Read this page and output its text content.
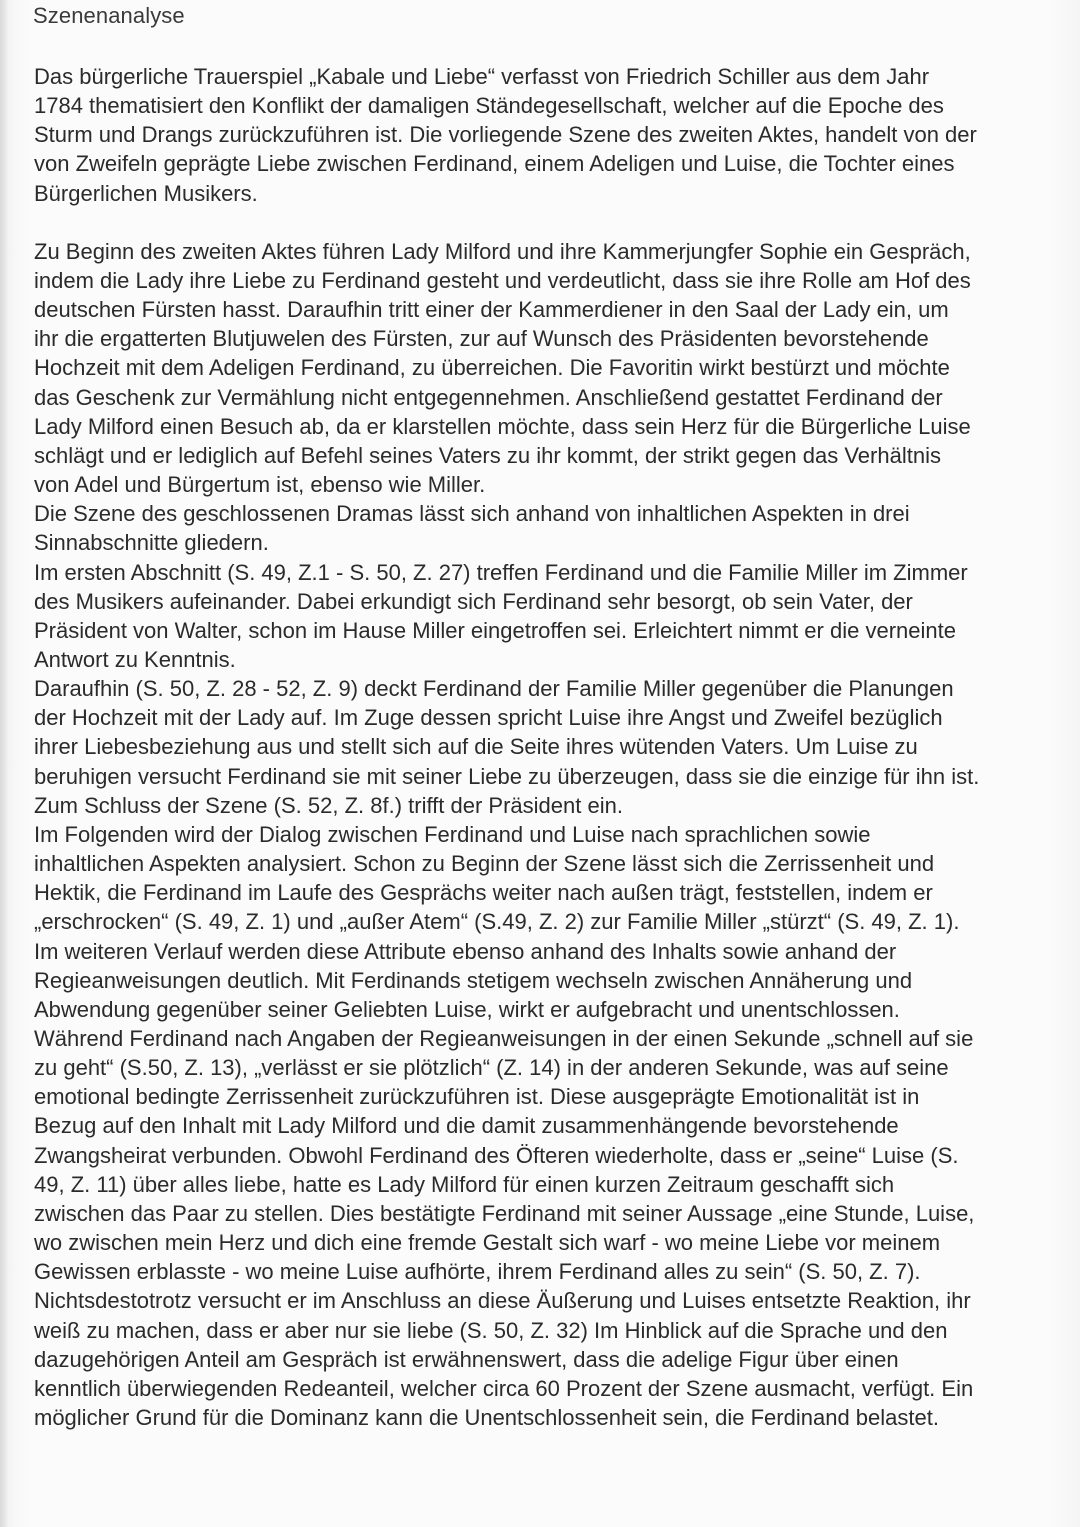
Szenenanalyse

Das bürgerliche Trauerspiel „Kabale und Liebe“ verfasst von Friedrich Schiller aus dem Jahr
1784 thematisiert den Konflikt der damaligen Ständegesellschaft, welcher auf die Epoche des
Sturm und Drangs zurückzuführen ist. Die vorliegende Szene des zweiten Aktes, handelt von der
von Zweifeln geprägte Liebe zwischen Ferdinand, einem Adeligen und Luise, die Tochter eines
Bürgerlichen Musikers.

Zu Beginn des zweiten Aktes führen Lady Milford und ihre Kammerjungfer Sophie ein Gespräch,
indem die Lady ihre Liebe zu Ferdinand gesteht und verdeutlicht, dass sie ihre Rolle am Hof des
deutschen Fürsten hasst. Daraufhin tritt einer der Kammerdiener in den Saal der Lady ein, um
ihr die ergatterten Blutjuwelen des Fürsten, zur auf Wunsch des Präsidenten bevorstehende
Hochzeit mit dem Adeligen Ferdinand, zu überreichen. Die Favoritin wirkt bestürzt und möchte
das Geschenk zur Vermählung nicht entgegennehmen. Anschließend gestattet Ferdinand der
Lady Milford einen Besuch ab, da er klarstellen möchte, dass sein Herz für die Bürgerliche Luise
schlägt und er lediglich auf Befehl seines Vaters zu ihr kommt, der strikt gegen das Verhältnis
von Adel und Bürgertum ist, ebenso wie Miller.

Die Szene des geschlossenen Dramas lässt sich anhand von inhaltlichen Aspekten in drei
Sinnabschnitte gliedern.

Im ersten Abschnitt (S. 49, Z.1 - S. 50, Z. 27) treffen Ferdinand und die Familie Miller im Zimmer
des Musikers aufeinander. Dabei erkundigt sich Ferdinand sehr besorgt, ob sein Vater, der
Präsident von Walter, schon im Hause Miller eingetroffen sei. Erleichtert nimmt er die verneinte
Antwort zu Kenntnis.

Daraufhin (S. 50, Z. 28 - 52, Z. 9) deckt Ferdinand der Familie Miller gegenüber die Planungen
der Hochzeit mit der Lady auf. Im Zuge dessen spricht Luise ihre Angst und Zweifel bezüglich
ihrer Liebesbeziehung aus und stellt sich auf die Seite ihres wütenden Vaters. Um Luise zu
beruhigen versucht Ferdinand sie mit seiner Liebe zu überzeugen, dass sie die einzige für ihn ist.
Zum Schluss der Szene (S. 52, Z. 8f.) trifft der Präsident ein.

Im Folgenden wird der Dialog zwischen Ferdinand und Luise nach sprachlichen sowie
inhaltlichen Aspekten analysiert. Schon zu Beginn der Szene lässt sich die Zerrissenheit und
Hektik, die Ferdinand im Laufe des Gesprächs weiter nach außen trägt, feststellen, indem er
„erschrocken“ (S. 49, Z. 1) und „außer Atem“ (S.49, Z. 2) zur Familie Miller „stürzt“ (S. 49, Z. 1).
Im weiteren Verlauf werden diese Attribute ebenso anhand des Inhalts sowie anhand der
Regieanweisungen deutlich. Mit Ferdinands stetigem wechseln zwischen Annäherung und
Abwendung gegenüber seiner Geliebten Luise, wirkt er aufgebracht und unentschlossen.
Während Ferdinand nach Angaben der Regieanweisungen in der einen Sekunde „schnell auf sie
zu geht“ (S.50, Z. 13), „verlässt er sie plötzlich“ (Z. 14) in der anderen Sekunde, was auf seine
emotional bedingte Zerrissenheit zurückzuführen ist. Diese ausgeprägte Emotionalität ist in
Bezug auf den Inhalt mit Lady Milford und die damit zusammenhängende bevorstehende
Zwangsheirat verbunden. Obwohl Ferdinand des Öfteren wiederholte, dass er „seine“ Luise (S.
49, Z. 11) über alles liebe, hatte es Lady Milford für einen kurzen Zeitraum geschafft sich
zwischen das Paar zu stellen. Dies bestätigte Ferdinand mit seiner Aussage „eine Stunde, Luise,
wo zwischen mein Herz und dich eine fremde Gestalt sich warf - wo meine Liebe vor meinem
Gewissen erblasste - wo meine Luise aufhörte, ihrem Ferdinand alles zu sein“ (S. 50, Z. 7).
Nichtsdestotrotz versucht er im Anschluss an diese Äußerung und Luises entsetzte Reaktion, ihr
weiß zu machen, dass er aber nur sie liebe (S. 50, Z. 32) Im Hinblick auf die Sprache und den
dazugehörigen Anteil am Gespräch ist erwähnenswert, dass die adelige Figur über einen
kenntlich überwiegenden Redeanteil, welcher circa 60 Prozent der Szene ausmacht, verfügt. Ein
möglicher Grund für die Dominanz kann die Unentschlossenheit sein, die Ferdinand belastet.
